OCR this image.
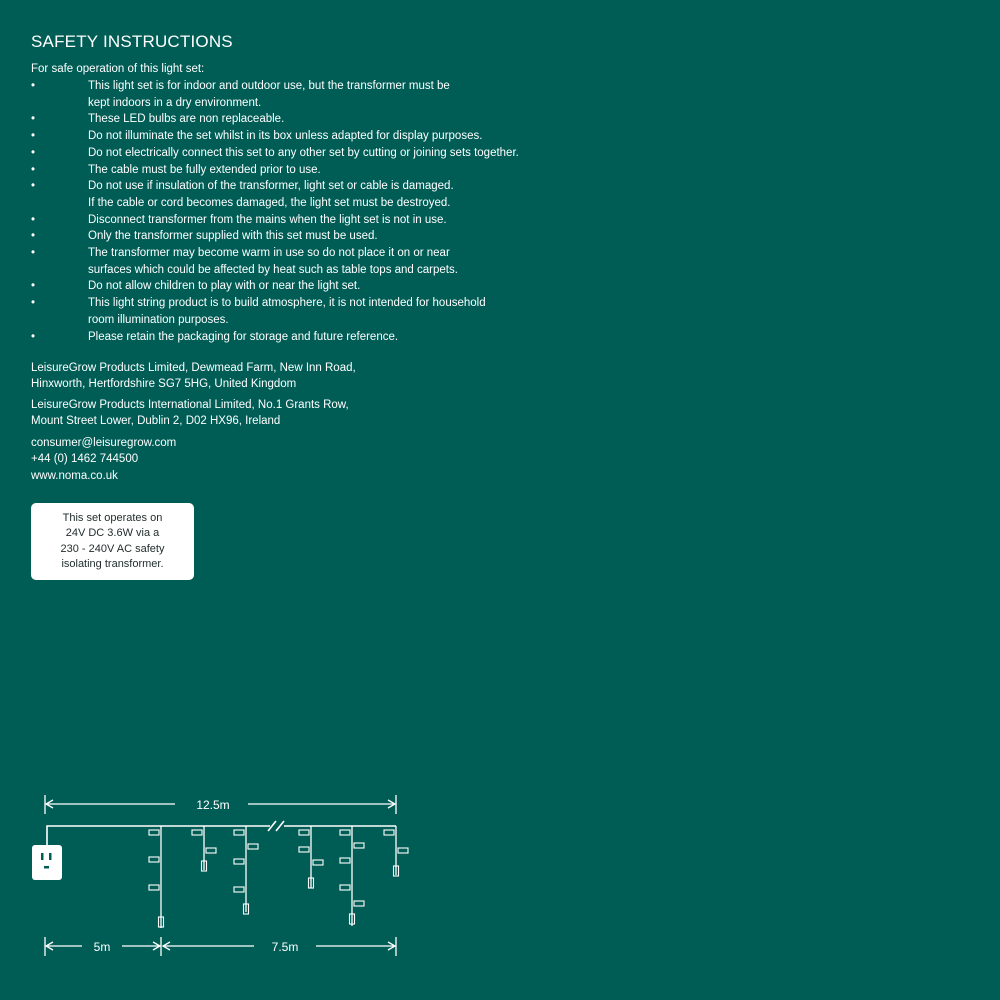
SAFETY INSTRUCTIONS
For safe operation of this light set:
•	This light set is for indoor and outdoor use, but the transformer must be
kept indoors in a dry environment.
•	These LED bulbs are non replaceable.
•	Do not illuminate the set whilst in its box unless adapted for display purposes.
•	Do not electrically connect this set to any other set by cutting or joining sets together.
•	The cable must be fully extended prior to use.
•	Do not use if insulation of the transformer, light set or cable is damaged.
If the cable or cord becomes damaged, the light set must be destroyed.
•	Disconnect transformer from the mains when the light set is not in use.
•	Only the transformer supplied with this set must be used.
•	The transformer may become warm in use so do not place it on or near
surfaces which could be affected by heat such as table tops and carpets.
•	Do not allow children to play with or near the light set.
•	This light string product is to build atmosphere, it is not intended for household
room illumination purposes.
•	Please retain the packaging for storage and future reference.
LeisureGrow Products Limited, Dewmead Farm, New Inn Road,
Hinxworth, Hertfordshire SG7 5HG, United Kingdom
LeisureGrow Products International Limited, No.1 Grants Row,
Mount Street Lower, Dublin 2, D02 HX96, Ireland
consumer@leisuregrow.com
+44 (0) 1462 744500
www.noma.co.uk
This set operates on
24V DC 3.6W via a
230 - 240V AC safety
isolating transformer.
12.5m
5m	7.5m
